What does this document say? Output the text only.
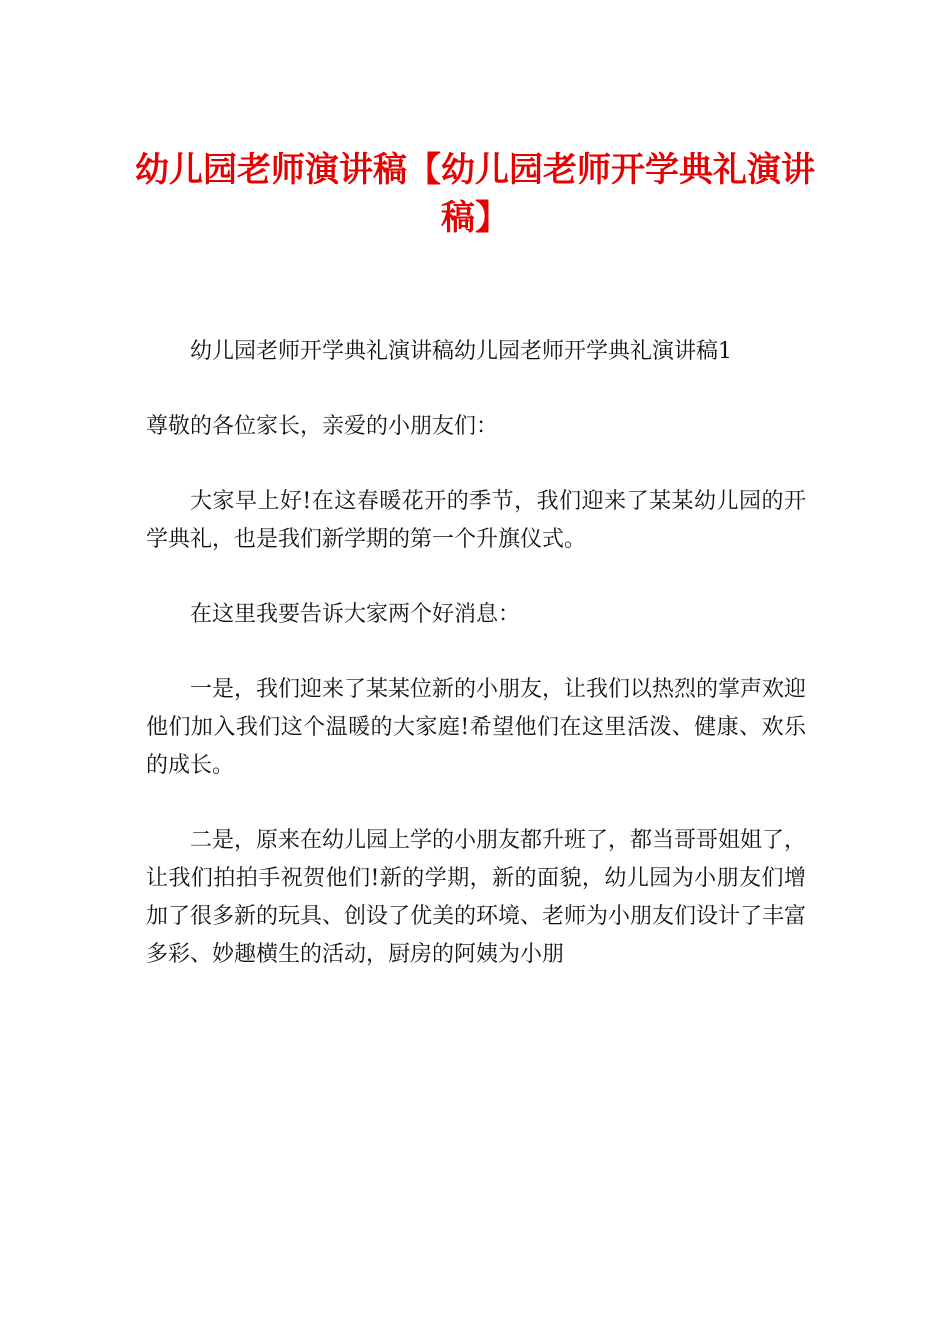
幼儿园老师演讲稿【幼儿园老师开学典礼演讲稿】

幼儿园老师开学典礼演讲稿幼儿园老师开学典礼演讲稿1

尊敬的各位家长，亲爱的小朋友们：

大家早上好!在这春暖花开的季节，我们迎来了某某幼儿园的开学典礼，也是我们新学期的第一个升旗仪式。

在这里我要告诉大家两个好消息：

一是，我们迎来了某某位新的小朋友，让我们以热烈的掌声欢迎他们加入我们这个温暖的大家庭!希望他们在这里活泼、健康、欢乐的成长。

二是，原来在幼儿园上学的小朋友都升班了，都当哥哥姐姐了，让我们拍拍手祝贺他们!新的学期，新的面貌，幼儿园为小朋友们增加了很多新的玩具、创设了优美的环境、老师为小朋友们设计了丰富多彩、妙趣横生的活动，厨房的阿姨为小朋
